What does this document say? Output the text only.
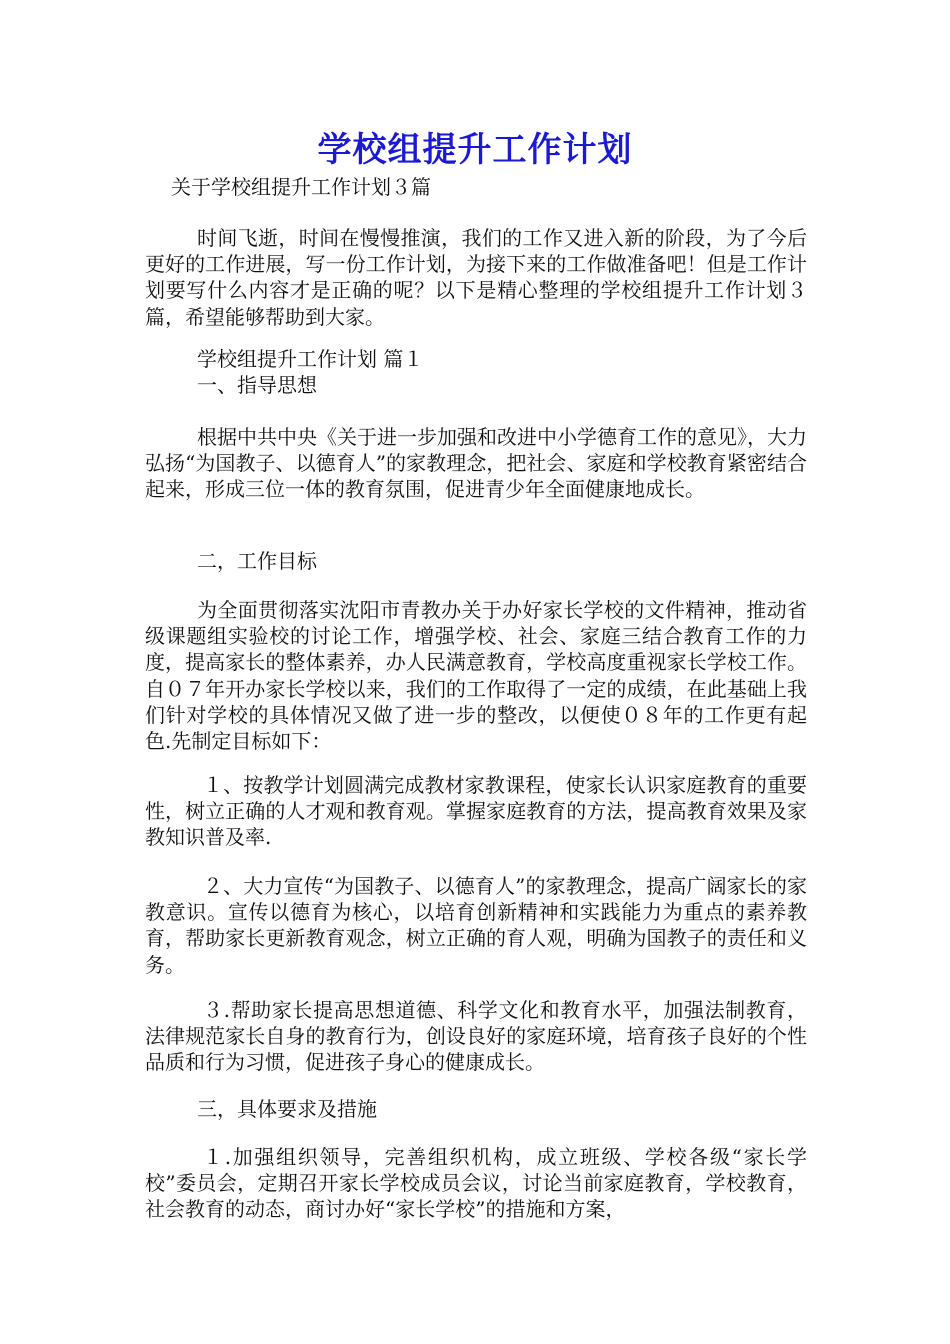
学校组提升工作计划
关于学校组提升工作计划３篇
时间飞逝，时间在慢慢推演，我们的工作又进入新的阶段，为了今后更好的工作进展，写一份工作计划，为接下来的工作做准备吧！但是工作计划要写什么内容才是正确的呢？以下是精心整理的学校组提升工作计划３篇，希望能够帮助到大家。
学校组提升工作计划 篇１
一、指导思想
根据中共中央《关于进一步加强和改进中小学德育工作的意见》，大力弘扬“为国教子、以德育人”的家教理念，把社会、家庭和学校教育紧密结合起来，形成三位一体的教育氛围，促进青少年全面健康地成长。
二，工作目标
为全面贯彻落实沈阳市青教办关于办好家长学校的文件精神，推动省级课题组实验校的讨论工作，增强学校、社会、家庭三结合教育工作的力度，提高家长的整体素养，办人民满意教育，学校高度重视家长学校工作。自０７年开办家长学校以来，我们的工作取得了一定的成绩，在此基础上我们针对学校的具体情况又做了进一步的整改，以便使０８年的工作更有起色.先制定目标如下：
１、按教学计划圆满完成教材家教课程，使家长认识家庭教育的重要性，树立正确的人才观和教育观。掌握家庭教育的方法，提高教育效果及家教知识普及率.
２、大力宣传“为国教子、以德育人”的家教理念，提高广阔家长的家教意识。宣传以德育为核心，以培育创新精神和实践能力为重点的素养教育，帮助家长更新教育观念，树立正确的育人观，明确为国教子的责任和义务。
３.帮助家长提高思想道德、科学文化和教育水平，加强法制教育，法律规范家长自身的教育行为，创设良好的家庭环境，培育孩子良好的个性品质和行为习惯，促进孩子身心的健康成长。
三，具体要求及措施
１.加强组织领导，完善组织机构，成立班级、学校各级“家长学校”委员会，定期召开家长学校成员会议，讨论当前家庭教育，学校教育，社会教育的动态，商讨办好“家长学校”的措施和方案，
